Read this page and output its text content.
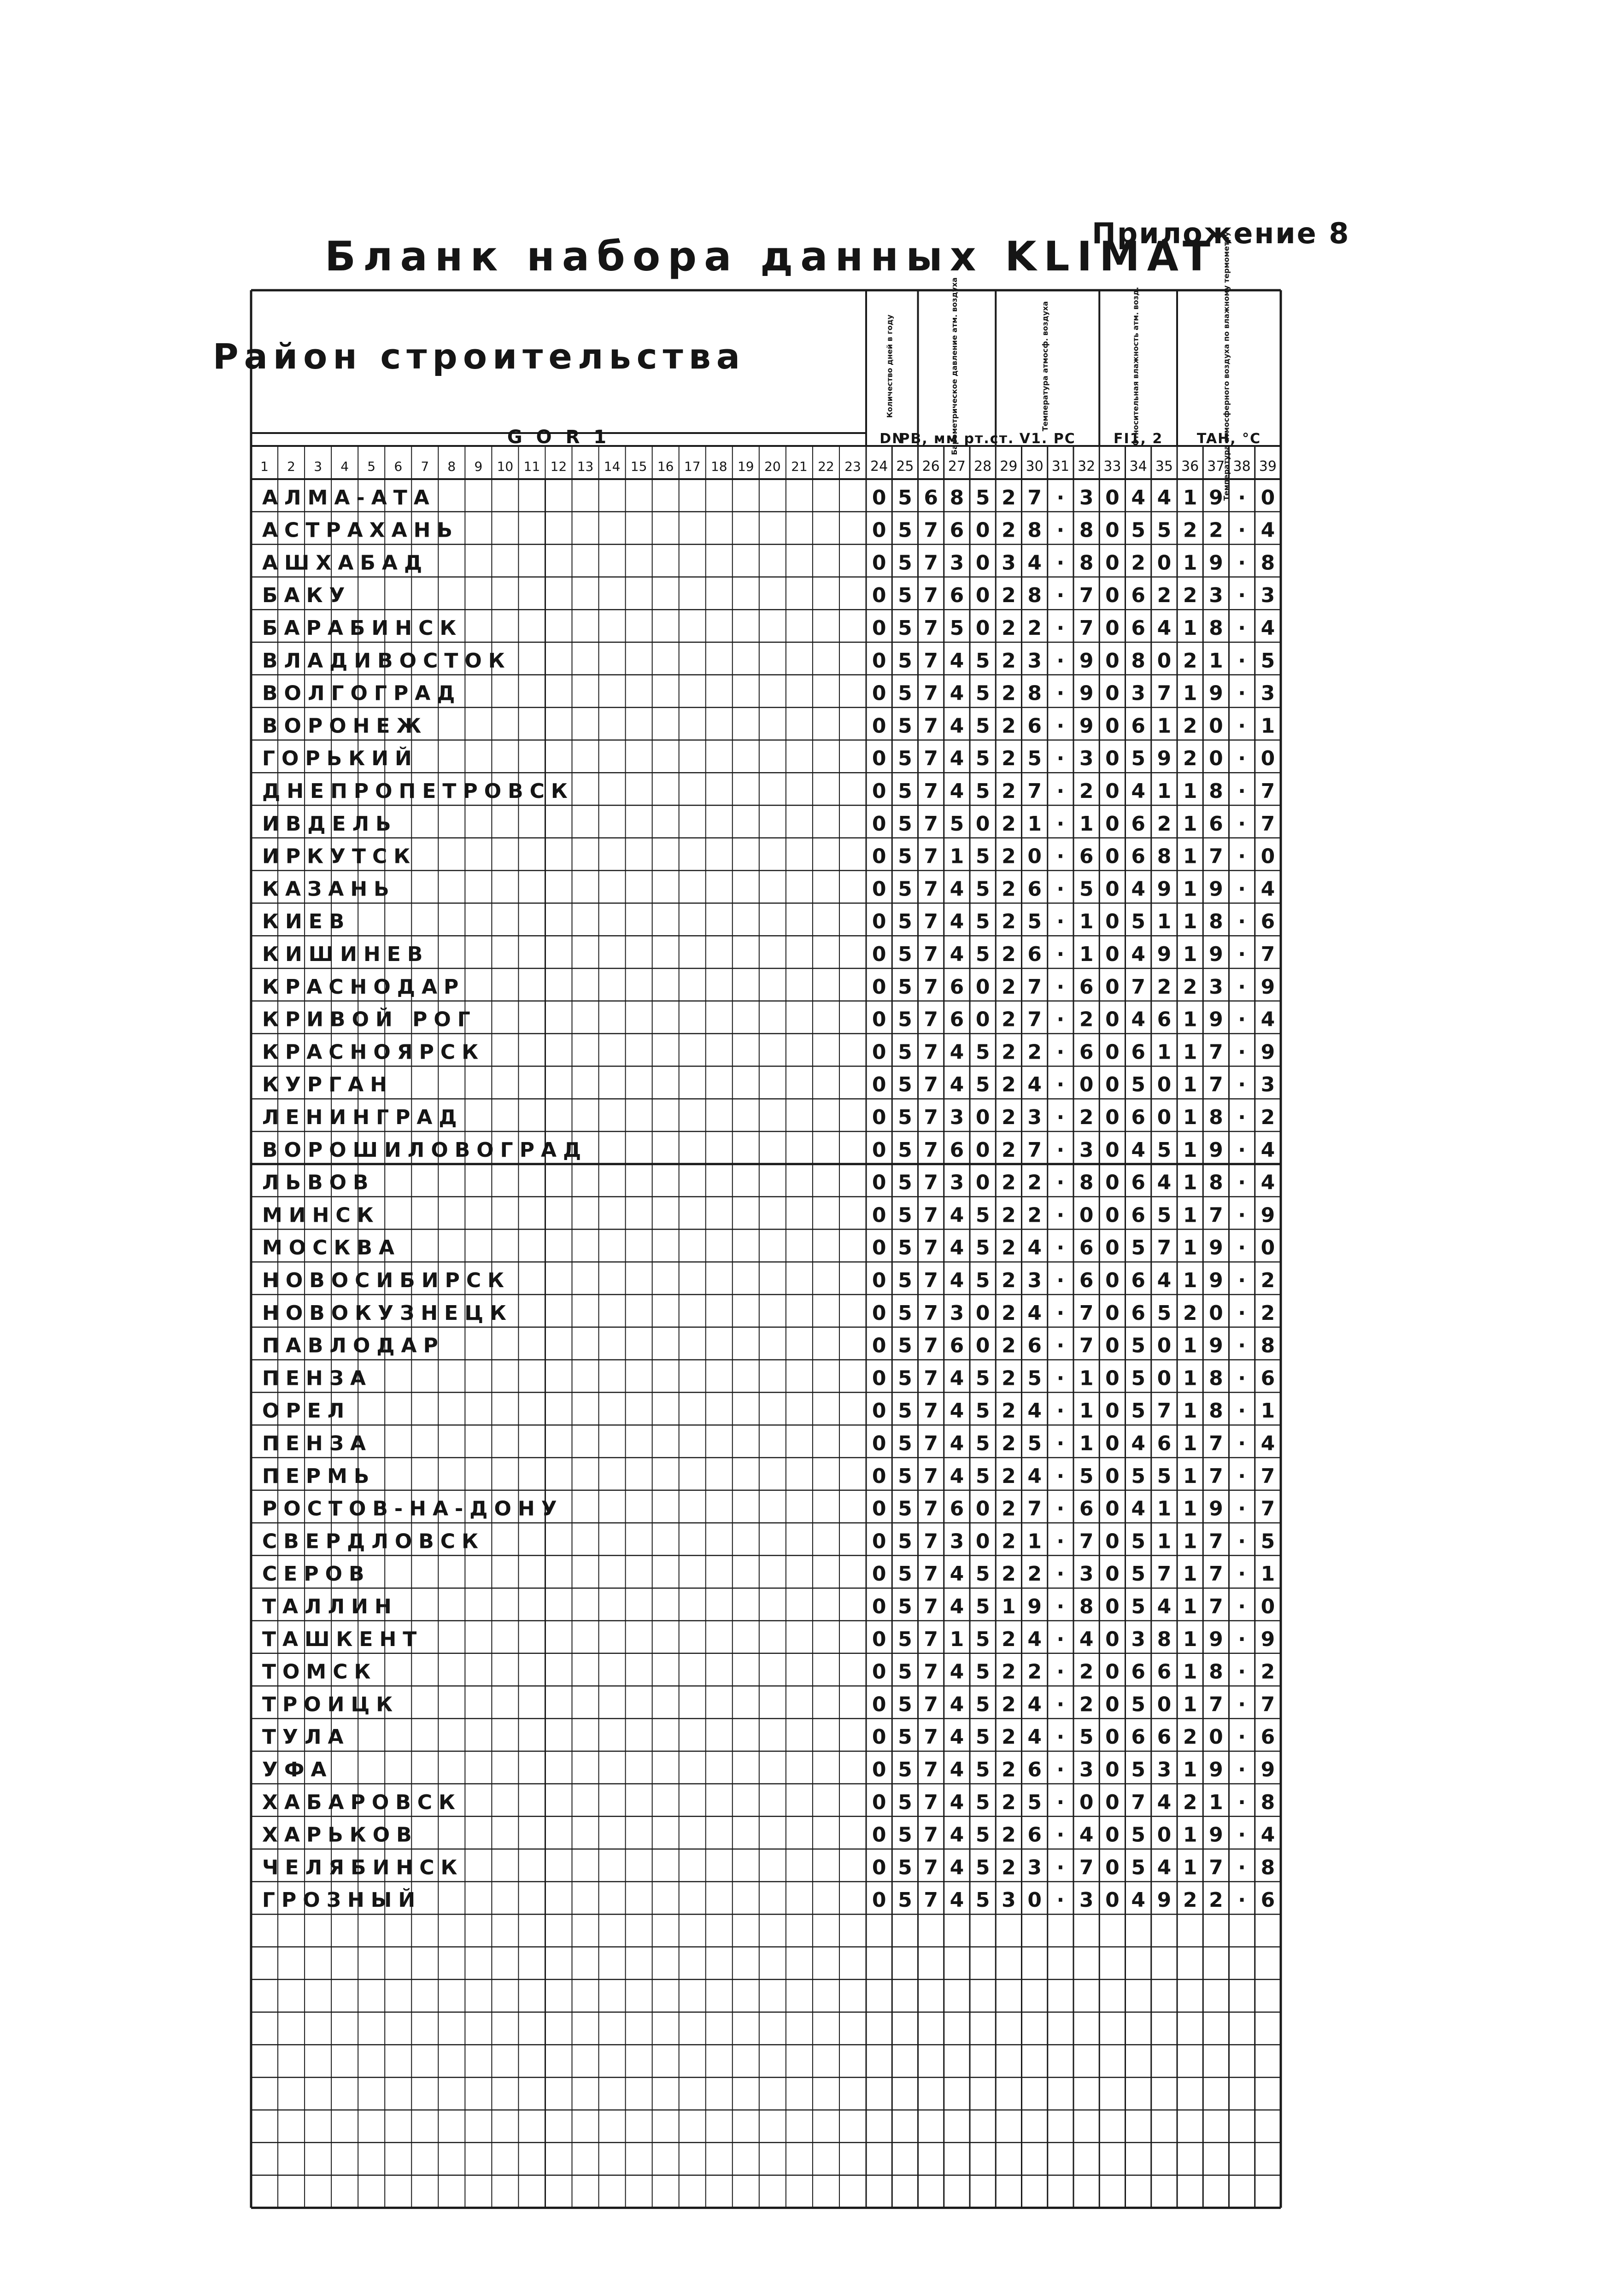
Бланк набора данных KLIMAT
Приложение 8
Район строительства
G O R 1
Количество дней в году
DN	Барометрическое давление атм. воздуха
PB, мм рт.ст.
Температура атмосф. воздуха
V1. PC	Относительная влажность атм. возд.
FI1, 2	Температура атмосферного воздуха по влажному термометру
TAH, °C
1 2 3 4 5 6 7 8 9 10 11 12 13 14 15 16 17 18 19 20 21 22 23 24 25 26 27 28 29 30 31 32 33 34 35 36 37 38 39
АЛМА-АТА	0 5 6 8 5 2 7 · 3 0 4 4 1 9 · 0
АСТРАХАНЬ	0 5 7 6 0 2 8 · 8 0 5 5 2 2 · 4
АШХАБАД	0 5 7 3 0 3 4 · 8 0 2 0 1 9 · 8
БАКУ	0 5 7 6 0 2 8 · 7 0 6 2 2 3 · 3
БАРАБИНСК	0 5 7 5 0 2 2 · 7 0 6 4 1 8 · 4
ВЛАДИВОСТОК	0 5 7 4 5 2 3 · 9 0 8 0 2 1 · 5
ВОЛГОГРАД	0 5 7 4 5 2 8 · 9 0 3 7 1 9 · 3
ВОРОНЕЖ	0 5 7 4 5 2 6 · 9 0 6 1 2 0 · 1
ГОРЬКИЙ	0 5 7 4 5 2 5 · 3 0 5 9 2 0 · 0
ДНЕПРОПЕТРОВСК	0 5 7 4 5 2 7 · 2 0 4 1 1 8 · 7
ИВДЕЛЬ	0 5 7 5 0 2 1 · 1 0 6 2 1 6 · 7
ИРКУТСК	0 5 7 1 5 2 0 · 6 0 6 8 1 7 · 0
КАЗАНЬ	0 5 7 4 5 2 6 · 5 0 4 9 1 9 · 4
КИЕВ	0 5 7 4 5 2 5 · 1 0 5 1 1 8 · 6
КИШИНЕВ	0 5 7 4 5 2 6 · 1 0 4 9 1 9 · 7
КРАСНОДАР	0 5 7 6 0 2 7 · 6 0 7 2 2 3 · 9
КРИВОЙ РОГ	0 5 7 6 0 2 7 · 2 0 4 6 1 9 · 4
КРАСНОЯРСК	0 5 7 4 5 2 2 · 6 0 6 1 1 7 · 9
КУРГАН	0 5 7 4 5 2 4 · 0 0 5 0 1 7 · 3
ЛЕНИНГРАД	0 5 7 3 0 2 3 · 2 0 6 0 1 8 · 2
ВОРОШИЛОВОГРАД	0 5 7 6 0 2 7 · 3 0 4 5 1 9 · 4
ЛЬВОВ	0 5 7 3 0 2 2 · 8 0 6 4 1 8 · 4
МИНСК	0 5 7 4 5 2 2 · 0 0 6 5 1 7 · 9
МОСКВА	0 5 7 4 5 2 4 · 6 0 5 7 1 9 · 0
НОВОСИБИРСК	0 5 7 4 5 2 3 · 6 0 6 4 1 9 · 2
НОВОКУЗНЕЦК	0 5 7 3 0 2 4 · 7 0 6 5 2 0 · 2
ПАВЛОДАР	0 5 7 6 0 2 6 · 7 0 5 0 1 9 · 8
ПЕНЗА	0 5 7 4 5 2 5 · 1 0 5 0 1 8 · 6
ОРЕЛ	0 5 7 4 5 2 4 · 1 0 5 7 1 8 · 1
ПЕНЗА	0 5 7 4 5 2 5 · 1 0 4 6 1 7 · 4
ПЕРМЬ	0 5 7 4 5 2 4 · 5 0 5 5 1 7 · 7
РОСТОВ-НА-ДОНУ	0 5 7 6 0 2 7 · 6 0 4 1 1 9 · 7
СВЕРДЛОВСК	0 5 7 3 0 2 1 · 7 0 5 1 1 7 · 5
СЕРОВ	0 5 7 4 5 2 2 · 3 0 5 7 1 7 · 1
ТАЛЛИН	0 5 7 4 5 1 9 · 8 0 5 4 1 7 · 0
ТАШКЕНТ	0 5 7 1 5 2 4 · 4 0 3 8 1 9 · 9
ТОМСК	0 5 7 4 5 2 2 · 2 0 6 6 1 8 · 2
ТРОИЦК	0 5 7 4 5 2 4 · 2 0 5 0 1 7 · 7
ТУЛА	0 5 7 4 5 2 4 · 5 0 6 6 2 0 · 6
УФА	0 5 7 4 5 2 6 · 3 0 5 3 1 9 · 9
ХАБАРОВСК	0 5 7 4 5 2 5 · 0 0 7 4 2 1 · 8
ХАРЬКОВ	0 5 7 4 5 2 6 · 4 0 5 0 1 9 · 4
ЧЕЛЯБИНСК	0 5 7 4 5 2 3 · 7 0 5 4 1 7 · 8
ГРОЗНЫЙ	0 5 7 4 5 3 0 · 3 0 4 9 2 2 · 6
